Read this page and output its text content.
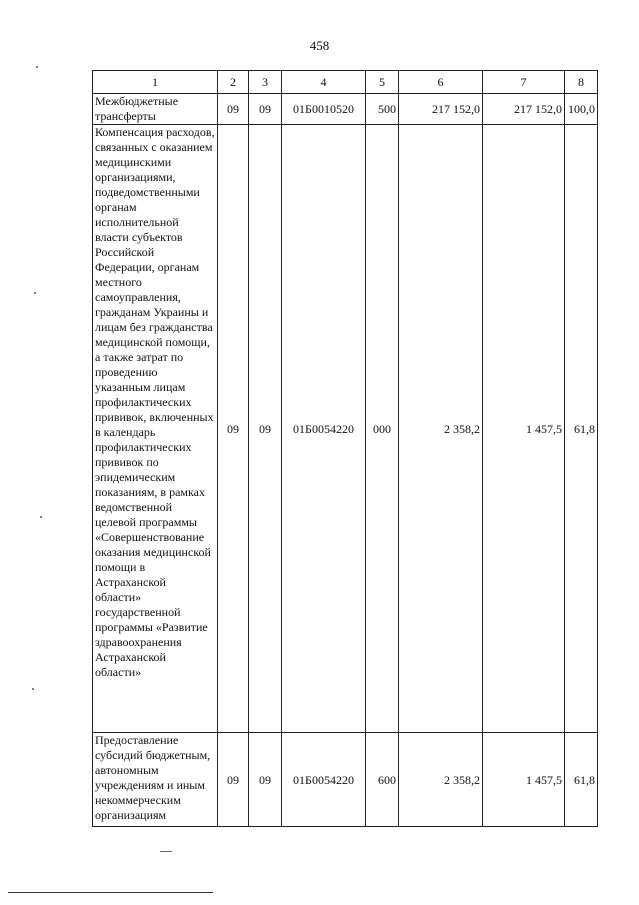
458
1	2	3	4	5	6	7	8
Межбюджетные трансферты	09	09	01Б0010520	500	217 152,0	217 152,0	100,0
Компенсация расходов, связанных с оказанием медицинскими организациями, подведомственными органам исполнительной власти субъектов Российской Федерации, органам местного самоуправления, гражданам Украины и лицам без гражданства медицинской помощи, а также затрат по проведению указанным лицам профилактических прививок, включенных в календарь профилактических прививок по эпидемическим показаниям, в рамках ведомственной целевой программы «Совершенствование оказания медицинской помощи в Астраханской области» государственной программы «Развитие здравоохранения Астраханской области»	09	09	01Б0054220	000	2 358,2	1 457,5	61,8
Предоставление субсидий бюджетным, автономным учреждениям и иным некоммерческим организациям	09	09	01Б0054220	600	2 358,2	1 457,5	61,8
